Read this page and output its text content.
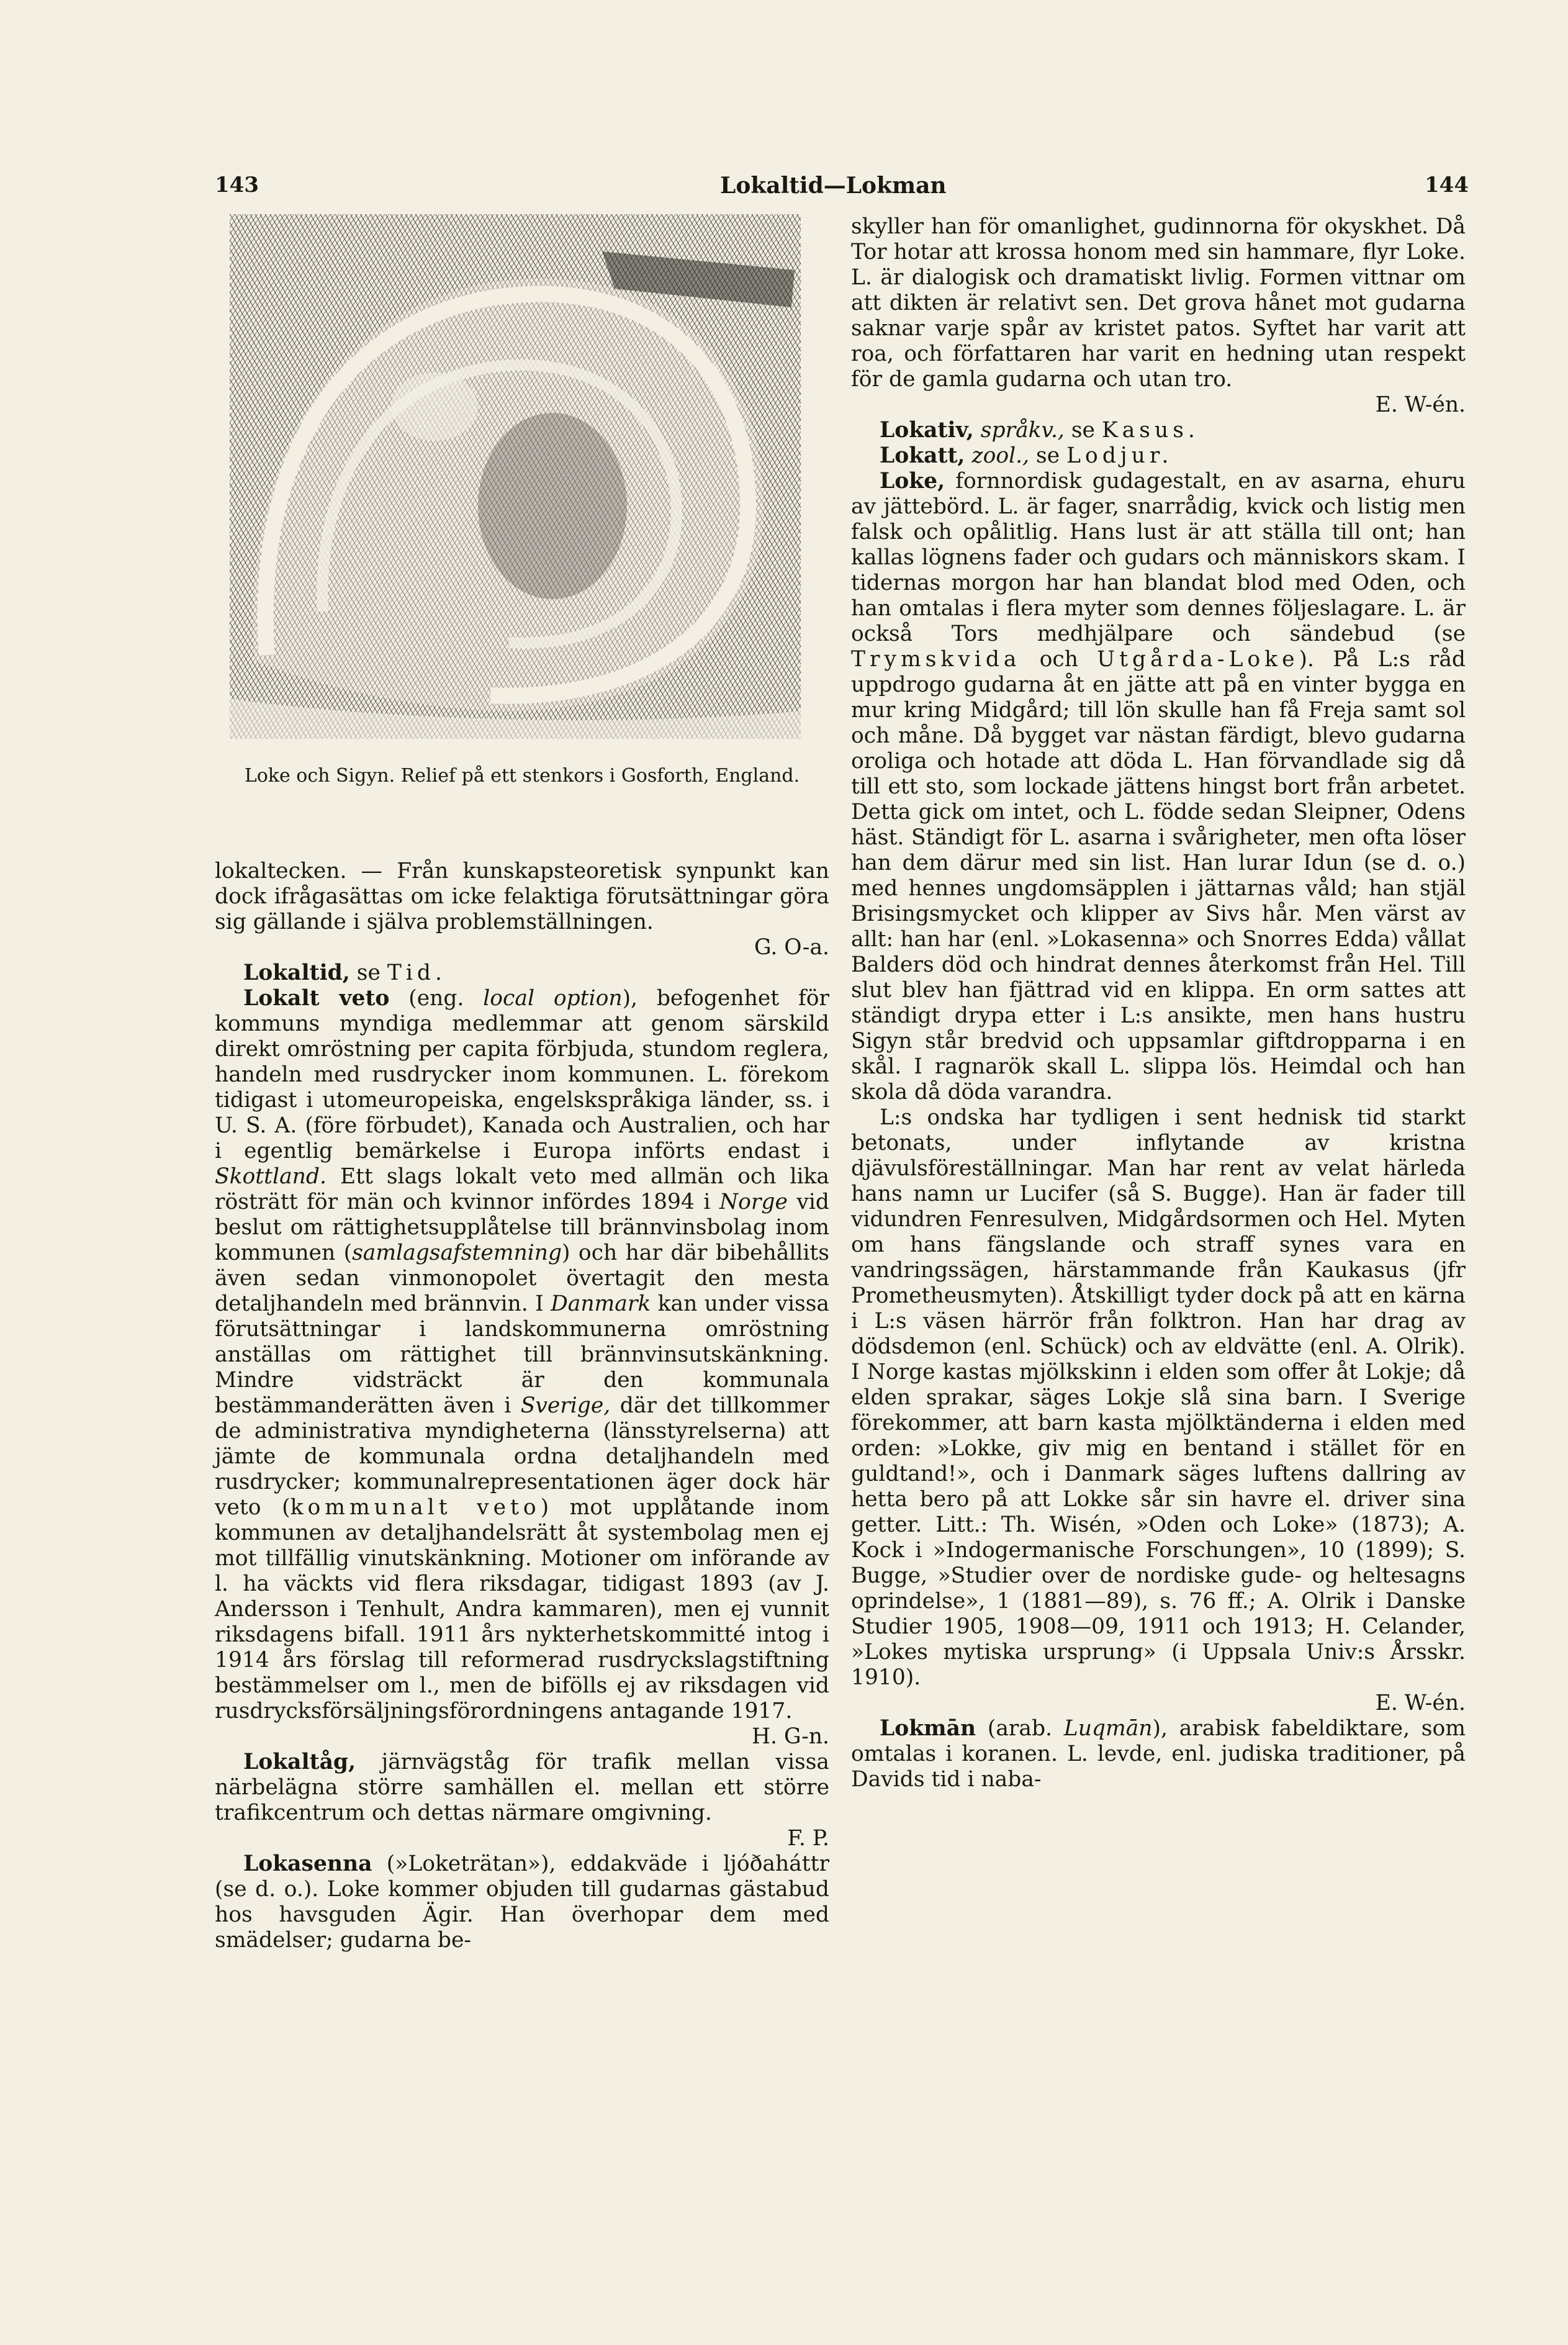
143	Lokaltid—Lokman	144
Loke och Sigyn. Relief på ett stenkors i Gosforth, England.

lokaltecken. — Från kunskapsteoretisk synpunkt kan dock ifrågasättas om icke felaktiga förutsättningar göra sig gällande i själva problemställningen.
G. O-a.

Lokaltid, se Tid.

Lokalt veto (eng. local option), befogenhet för kommuns myndiga medlemmar att genom särskild direkt omröstning per capita förbjuda, stundom reglera, handeln med rusdrycker inom kommunen. L. förekom tidigast i utomeuropeiska, engelskspråkiga länder, ss. i U. S. A. (före förbudet), Kanada och Australien, och har i egentlig bemärkelse i Europa införts endast i Skottland. Ett slags lokalt veto med allmän och lika rösträtt för män och kvinnor infördes 1894 i Norge vid beslut om rättighetsupplåtelse till brännvinsbolag inom kommunen (samlagsafstemning) och har där bibehållits även sedan vinmonopolet övertagit den mesta detaljhandeln med brännvin. I Danmark kan under vissa förutsättningar i landskommunerna omröstning anställas om rättighet till brännvinsutskänkning. Mindre vidsträckt är den kommunala bestämmanderätten även i Sverige, där det tillkommer de administrativa myndigheterna (länsstyrelserna) att jämte de kommunala ordna detaljhandeln med rusdrycker; kommunalrepresentationen äger dock här veto (kommunalt veto) mot upplåtande inom kommunen av detaljhandelsrätt åt systembolag men ej mot tillfällig vinutskänkning. Motioner om införande av l. ha väckts vid flera riksdagar, tidigast 1893 (av J. Andersson i Tenhult, Andra kammaren), men ej vunnit riksdagens bifall. 1911 års nykterhetskommitté intog i 1914 års förslag till reformerad rusdryckslagstiftning bestämmelser om l., men de bifölls ej av riksdagen vid rusdrycksförsäljningsförordningens antagande 1917.
H. G-n.

Lokaltåg, järnvägståg för trafik mellan vissa närbelägna större samhällen el. mellan ett större trafikcentrum och dettas närmare omgivning.
F. P.

Lokasenna (»Loketrätan»), eddakväde i ljóðaháttr (se d. o.). Loke kommer objuden till gudarnas gästabud hos havsguden Ägir. Han överhopar dem med smädelser; gudarna be-

skyller han för omanlighet, gudinnorna för okyskhet. Då Tor hotar att krossa honom med sin hammare, flyr Loke. L. är dialogisk och dramatiskt livlig. Formen vittnar om att dikten är relativt sen. Det grova hånet mot gudarna saknar varje spår av kristet patos. Syftet har varit att roa, och författaren har varit en hedning utan respekt för de gamla gudarna och utan tro.
E. W-én.

Lokativ, språkv., se Kasus.

Lokatt, zool., se Lodjur.

Loke, fornnordisk gudagestalt, en av asarna, ehuru av jättebörd. L. är fager, snarrådig, kvick och listig men falsk och opålitlig. Hans lust är att ställa till ont; han kallas lögnens fader och gudars och människors skam. I tidernas morgon har han blandat blod med Oden, och han omtalas i flera myter som dennes följeslagare. L. är också Tors medhjälpare och sändebud (se Trymskvida och Utgårda-Loke). På L:s råd uppdrogo gudarna åt en jätte att på en vinter bygga en mur kring Midgård; till lön skulle han få Freja samt sol och måne. Då bygget var nästan färdigt, blevo gudarna oroliga och hotade att döda L. Han förvandlade sig då till ett sto, som lockade jättens hingst bort från arbetet. Detta gick om intet, och L. födde sedan Sleipner, Odens häst. Ständigt för L. asarna i svårigheter, men ofta löser han dem därur med sin list. Han lurar Idun (se d. o.) med hennes ungdomsäpplen i jättarnas våld; han stjäl Brisingsmycket och klipper av Sivs hår. Men värst av allt: han har (enl. »Lokasenna» och Snorres Edda) vållat Balders död och hindrat dennes återkomst från Hel. Till slut blev han fjättrad vid en klippa. En orm sattes att ständigt drypa etter i L:s ansikte, men hans hustru Sigyn står bredvid och uppsamlar giftdropparna i en skål. I ragnarök skall L. slippa lös. Heimdal och han skola då döda varandra.

L:s ondska har tydligen i sent hednisk tid starkt betonats, under inflytande av kristna djävulsföreställningar. Man har rent av velat härleda hans namn ur Lucifer (så S. Bugge). Han är fader till vidundren Fenresulven, Midgårdsormen och Hel. Myten om hans fängslande och straff synes vara en vandringssägen, härstammande från Kaukasus (jfr Prometheusmyten). Åtskilligt tyder dock på att en kärna i L:s väsen härrör från folktron. Han har drag av dödsdemon (enl. Schück) och av eldvätte (enl. A. Olrik). I Norge kastas mjölkskinn i elden som offer åt Lokje; då elden sprakar, säges Lokje slå sina barn. I Sverige förekommer, att barn kasta mjölktänderna i elden med orden: »Lokke, giv mig en bentand i stället för en guldtand!», och i Danmark säges luftens dallring av hetta bero på att Lokke sår sin havre el. driver sina getter. Litt.: Th. Wisén, »Oden och Loke» (1873); A. Kock i »Indogermanische Forschungen», 10 (1899); S. Bugge, »Studier over de nordiske gude- og heltesagns oprindelse», 1 (1881—89), s. 76 ff.; A. Olrik i Danske Studier 1905, 1908—09, 1911 och 1913; H. Celander, »Lokes mytiska ursprung» (i Uppsala Univ:s Årsskr. 1910).
E. W-én.

Lokmān (arab. Luqmān), arabisk fabeldiktare, som omtalas i koranen. L. levde, enl. judiska traditioner, på Davids tid i naba-
